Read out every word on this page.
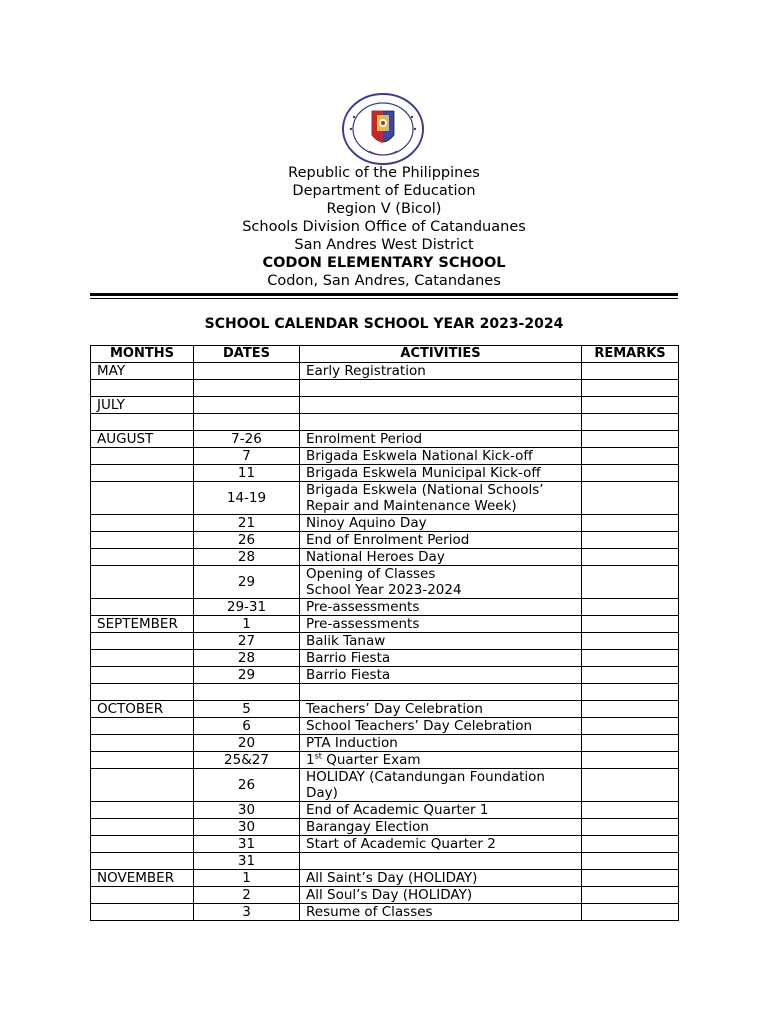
Republic of the Philippines
Department of Education
Region V (Bicol)
Schools Division Office of Catanduanes
San Andres West District
CODON ELEMENTARY SCHOOL
Codon, San Andres, Catandanes
SCHOOL CALENDAR SCHOOL YEAR 2023-2024
MONTHS	DATES	ACTIVITIES	REMARKS
MAY		Early Registration	

JULY		

AUGUST	7-26	Enrolment Period	

	7	Brigada Eskwela National Kick-off	

	11	Brigada Eskwela Municipal Kick-off	

	14-19	Brigada Eskwela (National Schools’
Repair and Maintenance Week)	

	21	Ninoy Aquino Day	

	26	End of Enrolment Period	

	28	National Heroes Day	

	29	Opening of Classes
School Year 2023-2024	

	29-31	Pre-assessments	

SEPTEMBER	1	Pre-assessments	

	27	Balik Tanaw	

	28	Barrio Fiesta	

	29	Barrio Fiesta	

OCTOBER	5	Teachers’ Day Celebration	

	6	School Teachers’ Day Celebration	

	20	PTA Induction	

	25&27	1st Quarter Exam	

	26	HOLIDAY (Catandungan Foundation
Day)	

	30	End of Academic Quarter 1	

	30	Barangay Election	

	31	Start of Academic Quarter 2	

	31	

NOVEMBER	1	All Saint’s Day (HOLIDAY)	

	2	All Soul’s Day (HOLIDAY)	

	3	Resume of Classes	
